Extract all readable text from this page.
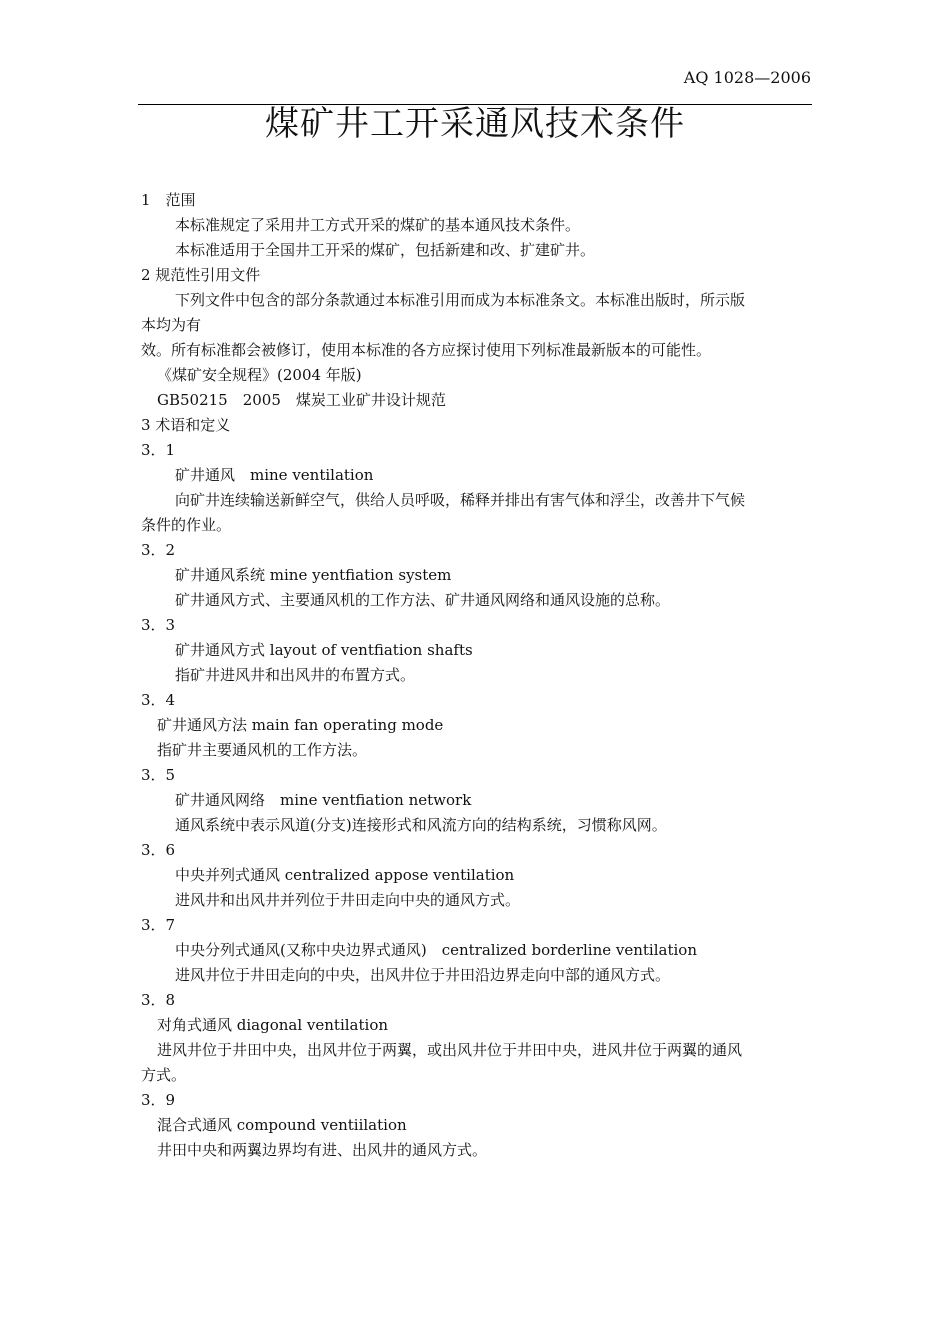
AQ 1028—2006
煤矿井工开采通风技术条件
1　范围
本标准规定了采用井工方式开采的煤矿的基本通风技术条件。
本标准适用于全国井工开采的煤矿，包括新建和改、扩建矿井。
2 规范性引用文件
下列文件中包含的部分条款通过本标准引用而成为本标准条文。本标准出版时，所示版
本均为有
效。所有标准都会被修订，使用本标准的各方应探讨使用下列标准最新版本的可能性。
《煤矿安全规程》(2004 年版)
GB50215　2005　煤炭工业矿井设计规范
3 术语和定义
3．1
矿井通风　mine ventilation
向矿井连续输送新鲜空气，供给人员呼吸，稀释并排出有害气体和浮尘，改善井下气候
条件的作业。
3．2
矿井通风系统 mine yentfiation system
矿井通风方式、主要通风机的工作方法、矿井通风网络和通风设施的总称。
3．3
矿井通风方式 layout of ventfiation shafts
指矿井进风井和出风井的布置方式。
3．4
矿井通风方法 main fan operating mode
指矿井主要通风机的工作方法。
3．5
矿井通风网络　mine ventfiation network
通风系统中表示风道(分支)连接形式和风流方向的结构系统，习惯称风网。
3．6
中央并列式通风 centralized appose ventilation
进风井和出风井并列位于井田走向中央的通风方式。
3．7
中央分列式通风(又称中央边界式通风)　centralized borderline ventilation
进风井位于井田走向的中央，出风井位于井田沿边界走向中部的通风方式。
3．8
对角式通风 diagonal ventilation
进风井位于井田中央，出风井位于两翼，或出风井位于井田中央，进风井位于两翼的通风
方式。
3．9
混合式通风 compound ventiilation
井田中央和两翼边界均有进、出风井的通风方式。
